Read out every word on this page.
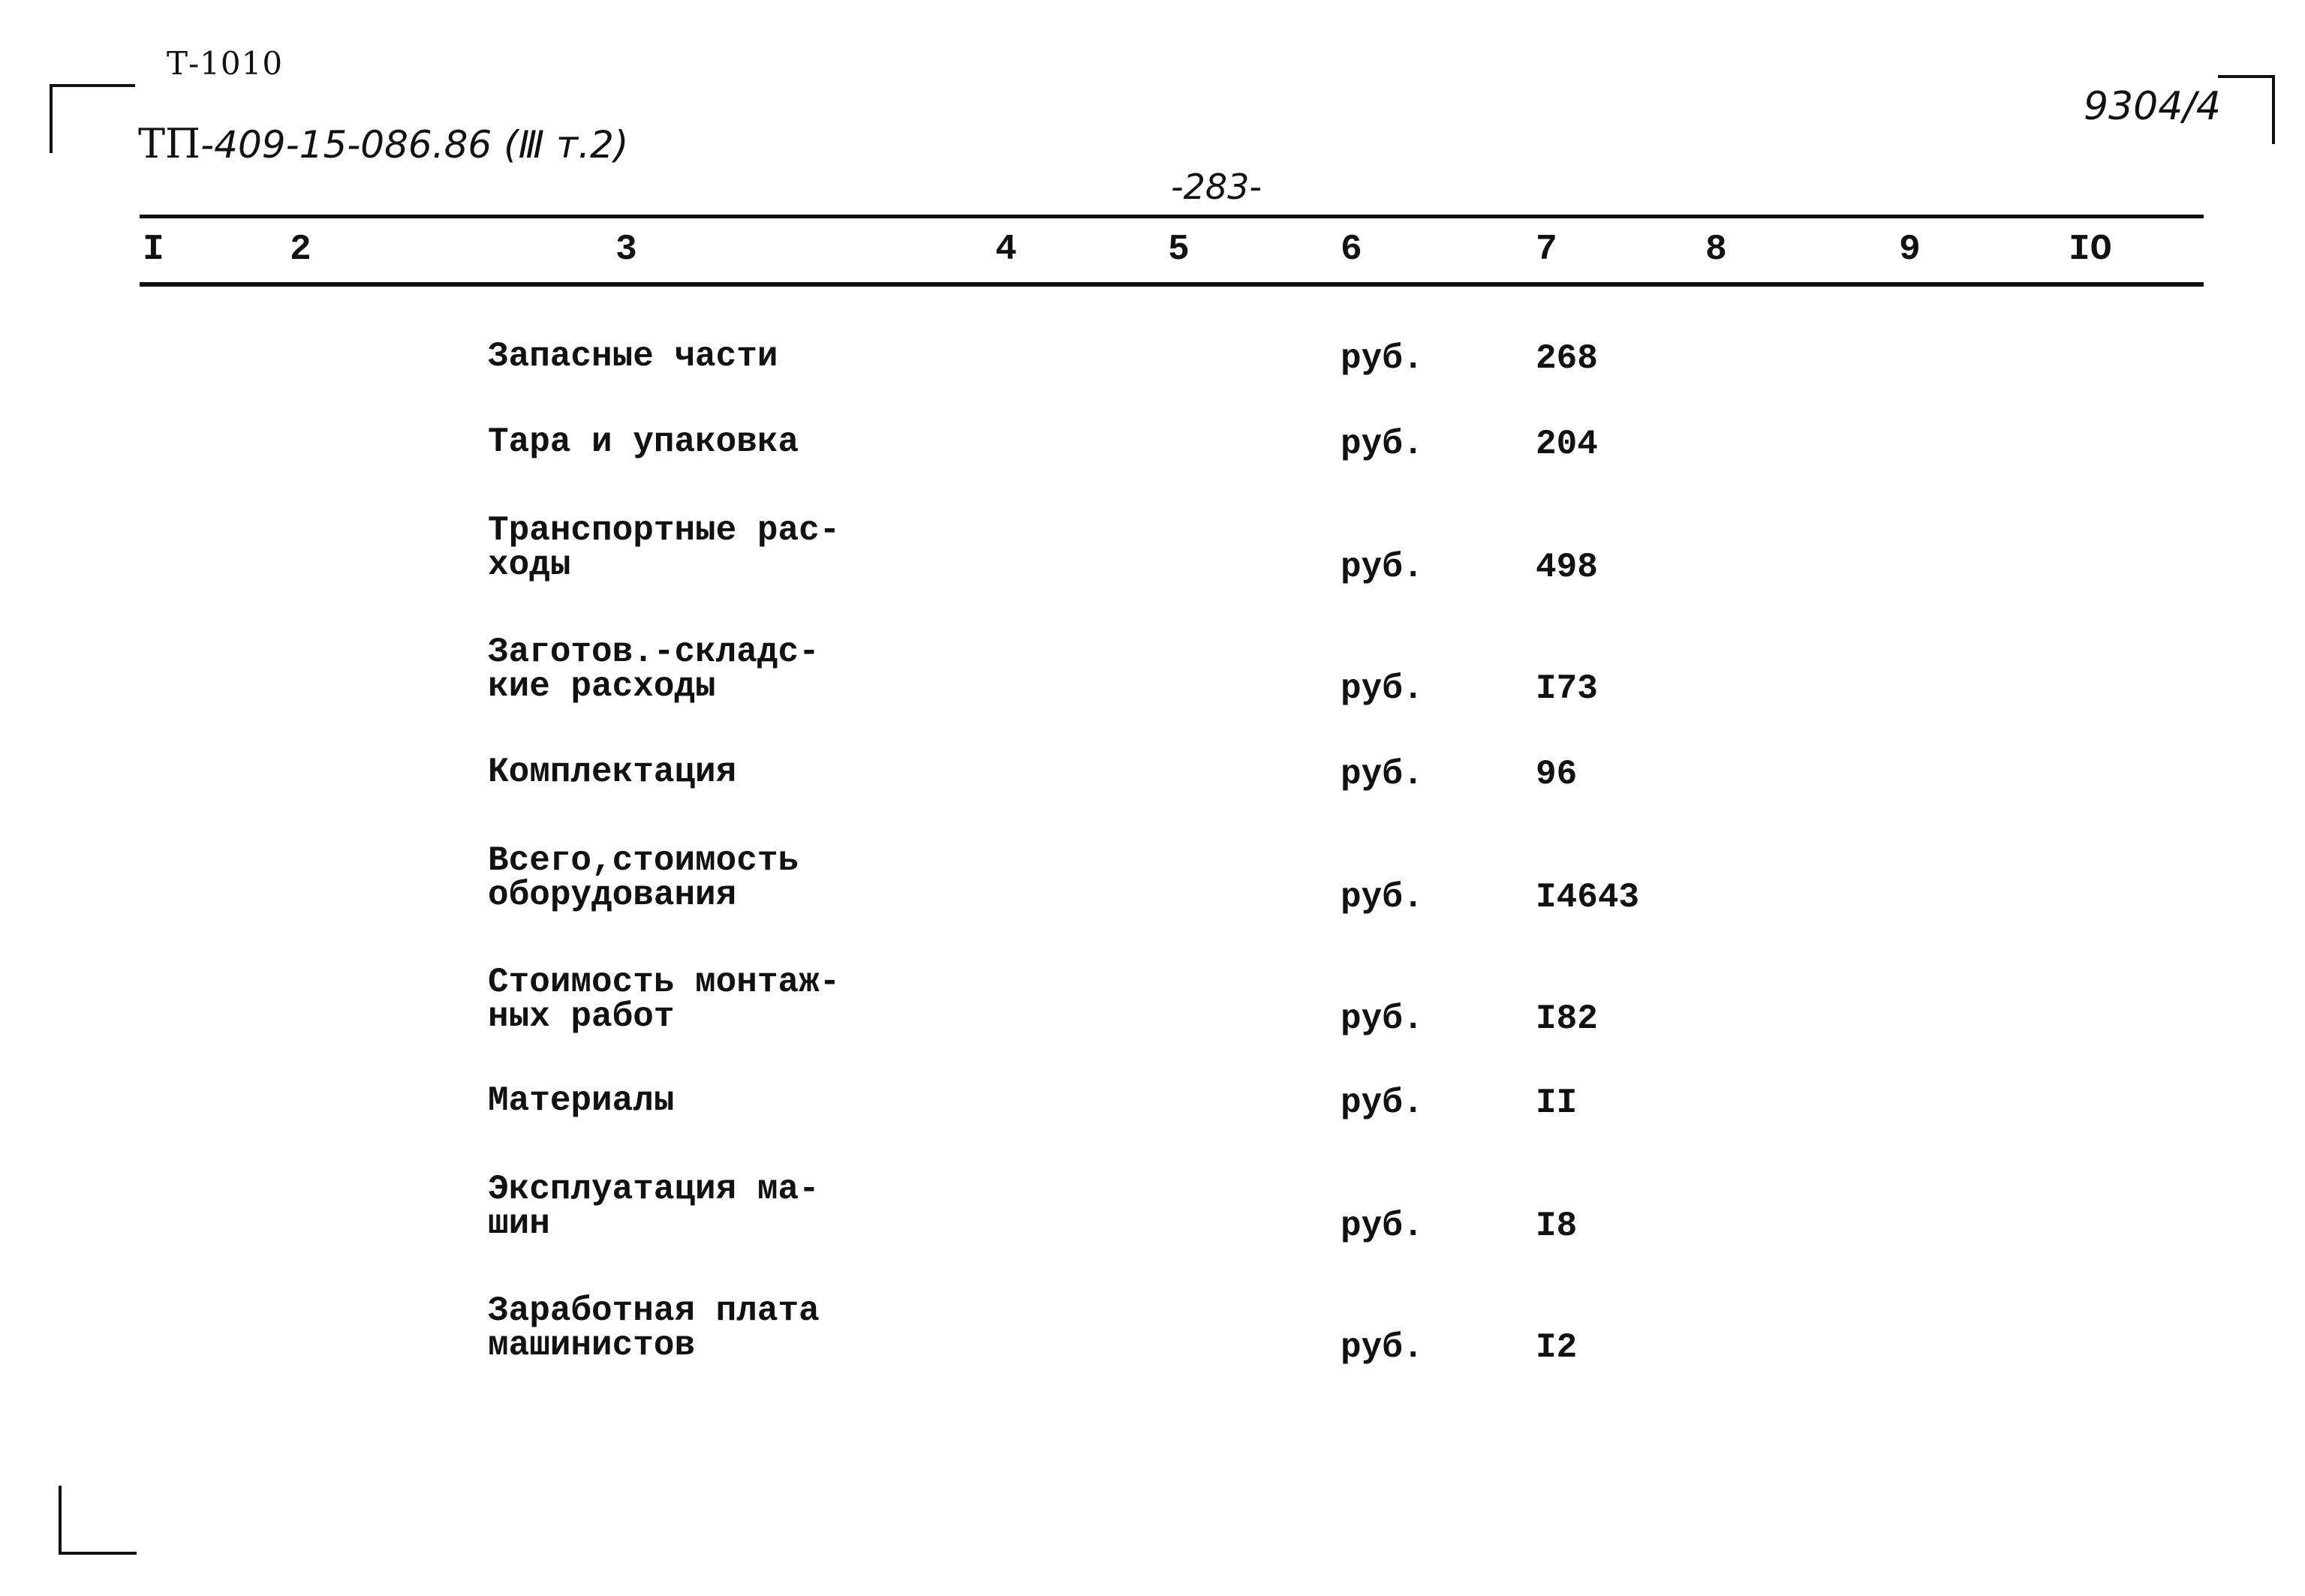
Т-1010
ТП-409-15-086.86 (Ⅲ т.2)
-283-
9304/4
I	2	3	4	5	6	7	8	9	IO
Запасные части	руб.	268
Тара и упаковка	руб.	204
Транспортные рас-
ходы	руб.	498
Заготов.-складс-
кие расходы	руб.	I73
Комплектация	руб.	96
Всего,стоимость
оборудования	руб.	I4643
Стоимость монтаж-
ных работ	руб.	I82
Материалы	руб.	II
Эксплуатация ма-
шин	руб.	I8
Заработная плата
машинистов	руб.	I2
